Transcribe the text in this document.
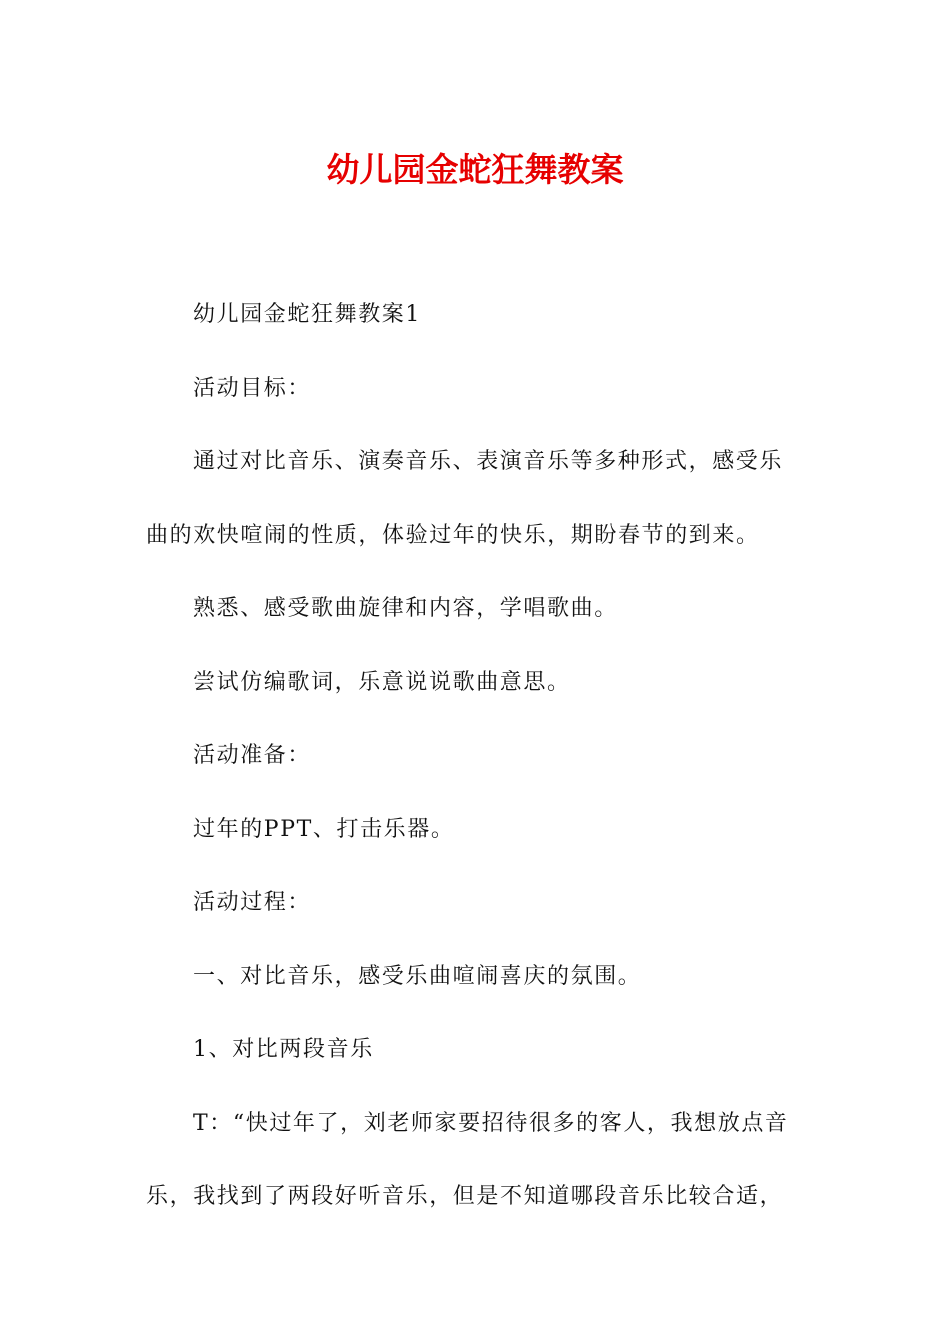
幼儿园金蛇狂舞教案

幼儿园金蛇狂舞教案1

活动目标：

通过对比音乐、演奏音乐、表演音乐等多种形式，感受乐曲的欢快喧闹的性质，体验过年的快乐，期盼春节的到来。

熟悉、感受歌曲旋律和内容，学唱歌曲。

尝试仿编歌词，乐意说说歌曲意思。

活动准备：

过年的PPT、打击乐器。

活动过程：

一、对比音乐，感受乐曲喧闹喜庆的氛围。

1、对比两段音乐

T：“快过年了，刘老师家要招待很多的客人，我想放点音乐，我找到了两段好听音乐，但是不知道哪段音乐比较合适，
